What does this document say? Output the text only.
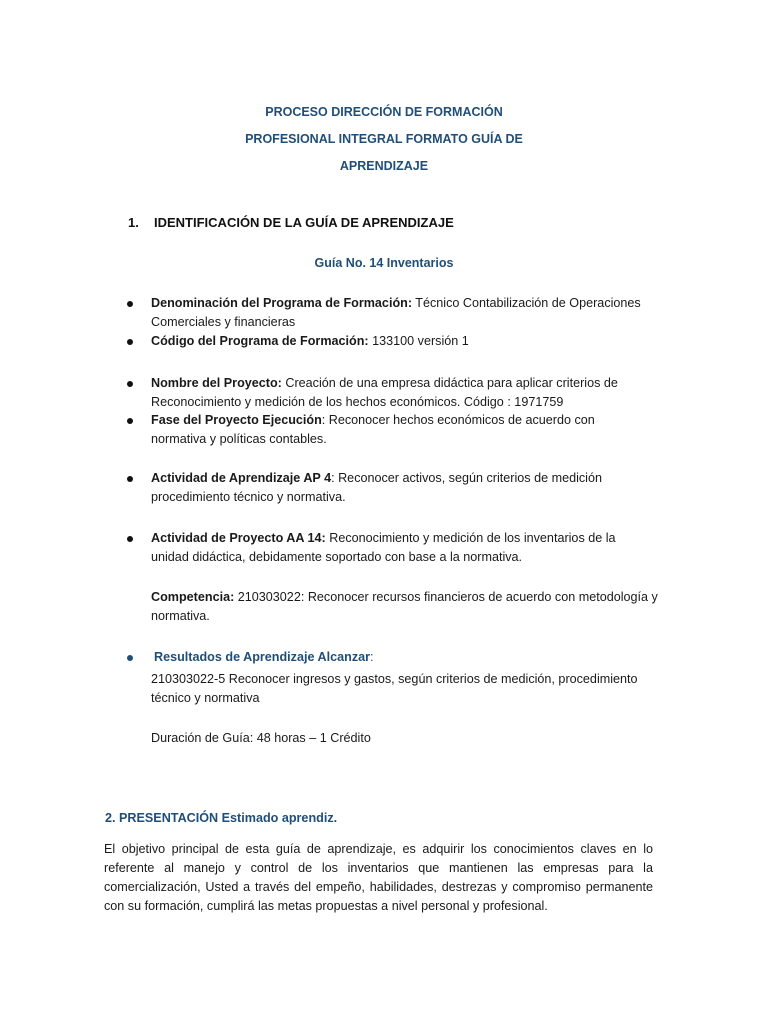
PROCESO DIRECCIÓN DE FORMACIÓN
PROFESIONAL INTEGRAL FORMATO GUÍA DE
APRENDIZAJE
1. IDENTIFICACIÓN DE LA GUÍA DE APRENDIZAJE
Guía No. 14 Inventarios
Denominación del Programa de Formación: Técnico Contabilización de Operaciones
Comerciales y financieras
Código del Programa de Formación: 133100 versión 1
Nombre del Proyecto: Creación de una empresa didáctica para aplicar criterios de
Reconocimiento y medición de los hechos económicos. Código : 1971759
Fase del Proyecto Ejecución: Reconocer hechos económicos de acuerdo con
normativa y políticas contables.
Actividad de Aprendizaje AP 4: Reconocer activos, según criterios de medición
procedimiento técnico y normativa.
Actividad de Proyecto AA 14: Reconocimiento y medición de los inventarios de la
unidad didáctica, debidamente soportado con base a la normativa.
Competencia: 210303022: Reconocer recursos financieros de acuerdo con metodología y
normativa.
Resultados de Aprendizaje Alcanzar:
210303022-5 Reconocer ingresos y gastos, según criterios de medición, procedimiento
técnico y normativa
Duración de Guía: 48 horas – 1 Crédito
2. PRESENTACIÓN Estimado aprendiz.
El objetivo principal de esta guía de aprendizaje, es adquirir los conocimientos claves en lo
referente al manejo y control de los inventarios que mantienen las empresas para la
comercialización, Usted a través del empeño, habilidades, destrezas y compromiso permanente
con su formación, cumplirá las metas propuestas a nivel personal y profesional.
